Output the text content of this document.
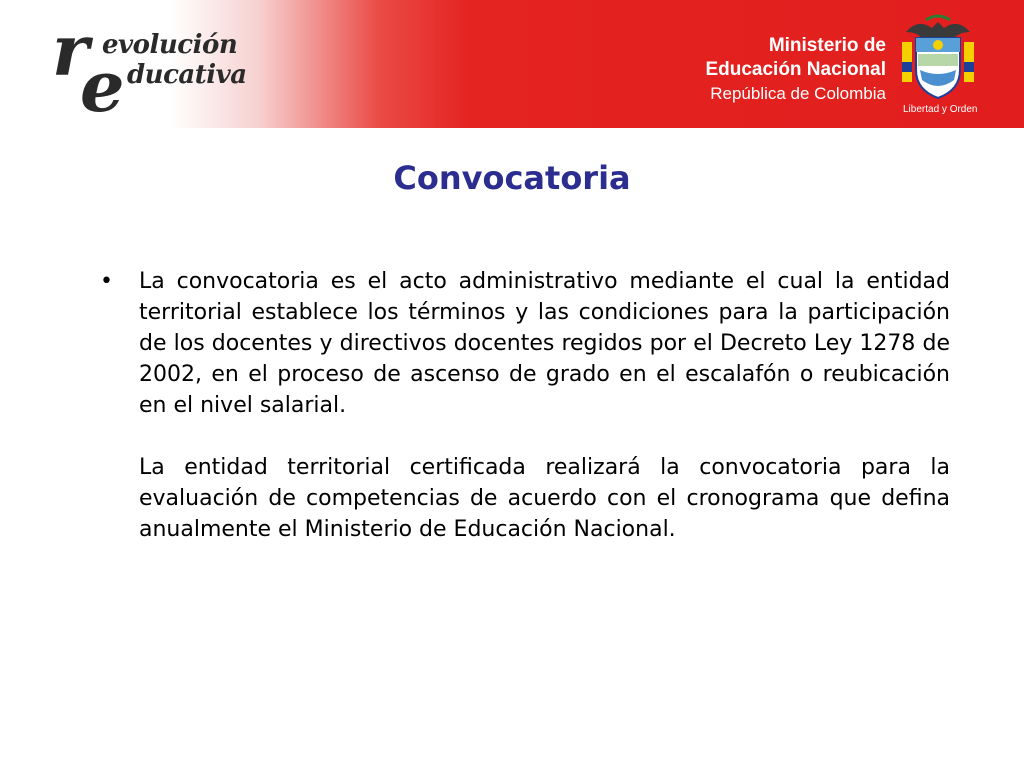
r
e
evolución
ducativa
Ministerio de
Educación Nacional
República de Colombia
Libertad y Orden
Convocatoria
• La convocatoria es el acto administrativo mediante el cual la entidad territorial establece los términos y las condiciones para la participación de los docentes y directivos docentes regidos por el Decreto Ley 1278 de 2002, en el proceso de ascenso de grado en el escalafón o reubicación en el nivel salarial.

La entidad territorial certificada realizará la convocatoria para la evaluación de competencias de acuerdo con el cronograma que defina anualmente el Ministerio de Educación Nacional.
